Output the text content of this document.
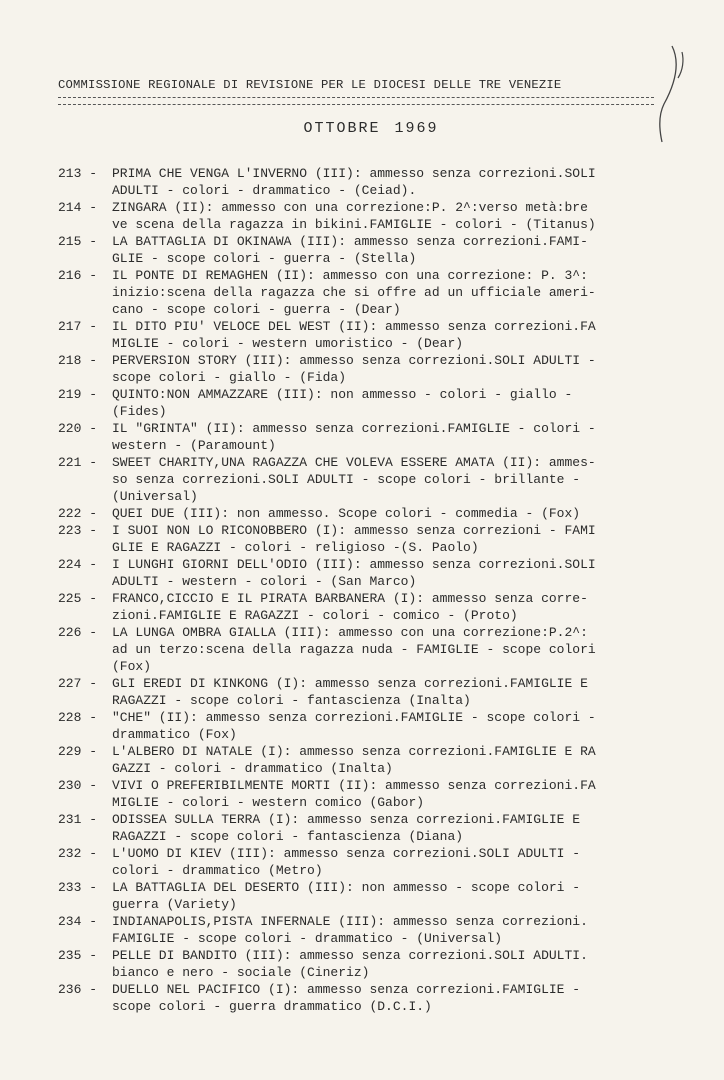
COMMISSIONE REGIONALE DI REVISIONE PER LE DIOCESI DELLE TRE VENEZIE
OTTOBRE 1969
213 -	PRIMA CHE VENGA L'INVERNO (III): ammesso senza correzioni.SOLI
ADULTI - colori - drammatico - (Ceiad).
214 -	ZINGARA (II): ammesso con una correzione:P. 2^:verso metà:bre
ve scena della ragazza in bikini.FAMIGLIE - colori - (Titanus)
215 -	LA BATTAGLIA DI OKINAWA (III): ammesso senza correzioni.FAMI-
GLIE - scope colori - guerra - (Stella)
216 -	IL PONTE DI REMAGHEN (II): ammesso con una correzione: P. 3^:
inizio:scena della ragazza che si offre ad un ufficiale ameri-
cano - scope colori - guerra - (Dear)
217 -	IL DITO PIU' VELOCE DEL WEST (II): ammesso senza correzioni.FA
MIGLIE - colori - western umoristico - (Dear)
218 -	PERVERSION STORY (III): ammesso senza correzioni.SOLI ADULTI -
scope colori - giallo - (Fida)
219 -	QUINTO:NON AMMAZZARE (III): non ammesso - colori - giallo -
(Fides)
220 -	IL "GRINTA" (II): ammesso senza correzioni.FAMIGLIE - colori -
western - (Paramount)
221 -	SWEET CHARITY,UNA RAGAZZA CHE VOLEVA ESSERE AMATA (II): ammes-
so senza correzioni.SOLI ADULTI - scope colori - brillante -
(Universal)
222 -	QUEI DUE (III): non ammesso. Scope colori - commedia - (Fox)
223 -	I SUOI NON LO RICONOBBERO (I): ammesso senza correzioni - FAMI
GLIE E RAGAZZI - colori - religioso -(S. Paolo)
224 -	I LUNGHI GIORNI DELL'ODIO (III): ammesso senza correzioni.SOLI
ADULTI - western - colori - (San Marco)
225 -	FRANCO,CICCIO E IL PIRATA BARBANERA (I): ammesso senza corre-
zioni.FAMIGLIE E RAGAZZI - colori - comico - (Proto)
226 -	LA LUNGA OMBRA GIALLA (III): ammesso con una correzione:P.2^:
ad un terzo:scena della ragazza nuda - FAMIGLIE - scope colori
(Fox)
227 -	GLI EREDI DI KINKONG (I): ammesso senza correzioni.FAMIGLIE E
RAGAZZI - scope colori - fantascienza (Inalta)
228 -	"CHE" (II): ammesso senza correzioni.FAMIGLIE - scope colori -
drammatico (Fox)
229 -	L'ALBERO DI NATALE (I): ammesso senza correzioni.FAMIGLIE E RA
GAZZI - colori - drammatico (Inalta)
230 -	VIVI O PREFERIBILMENTE MORTI (II): ammesso senza correzioni.FA
MIGLIE - colori - western comico (Gabor)
231 -	ODISSEA SULLA TERRA (I): ammesso senza correzioni.FAMIGLIE E
RAGAZZI - scope colori - fantascienza (Diana)
232 -	L'UOMO DI KIEV (III): ammesso senza correzioni.SOLI ADULTI -
colori - drammatico (Metro)
233 -	LA BATTAGLIA DEL DESERTO (III): non ammesso - scope colori -
guerra (Variety)
234 -	INDIANAPOLIS,PISTA INFERNALE (III): ammesso senza correzioni.
FAMIGLIE - scope colori - drammatico - (Universal)
235 -	PELLE DI BANDITO (III): ammesso senza correzioni.SOLI ADULTI.
bianco e nero - sociale (Cineriz)
236 -	DUELLO NEL PACIFICO (I): ammesso senza correzioni.FAMIGLIE -
scope colori - guerra drammatico (D.C.I.)
